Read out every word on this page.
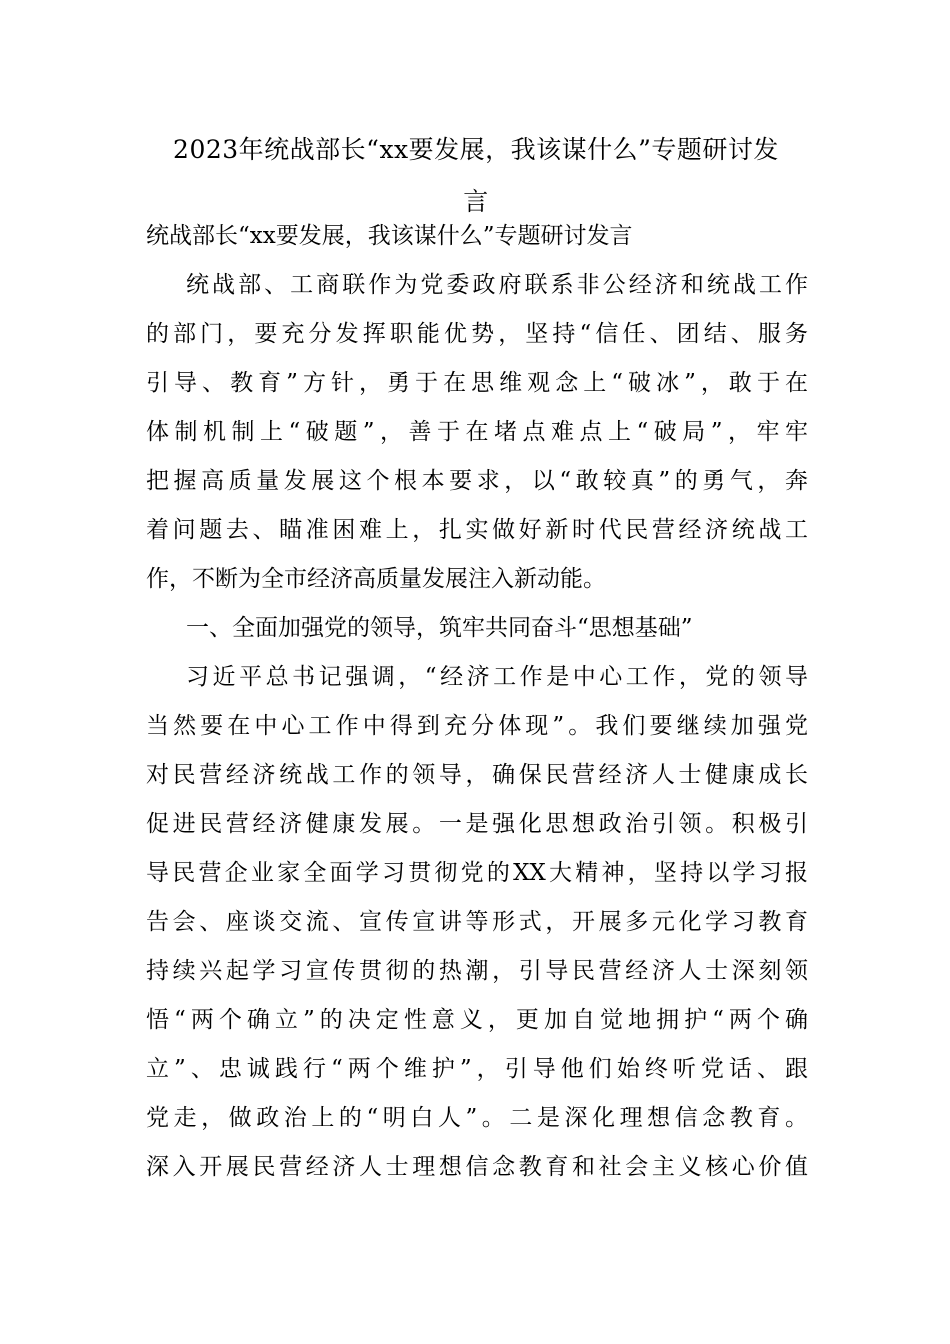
2023年统战部长“xx要发展，我该谋什么”专题研讨发
言
统战部长“xx要发展，我该谋什么”专题研讨发言
统战部、工商联作为党委政府联系非公经济和统战工作
的部门，要充分发挥职能优势，坚持“信任、团结、服务
引导、教育”方针，勇于在思维观念上“破冰”，敢于在
体制机制上“破题”，善于在堵点难点上“破局”，牢牢
把握高质量发展这个根本要求，以“敢较真”的勇气，奔
着问题去、瞄准困难上，扎实做好新时代民营经济统战工
作，不断为全市经济高质量发展注入新动能。
一、全面加强党的领导，筑牢共同奋斗“思想基础”
习近平总书记强调，“经济工作是中心工作，党的领导
当然要在中心工作中得到充分体现”。我们要继续加强党
对民营经济统战工作的领导，确保民营经济人士健康成长
促进民营经济健康发展。一是强化思想政治引领。积极引
导民营企业家全面学习贯彻党的XX大精神，坚持以学习报
告会、座谈交流、宣传宣讲等形式，开展多元化学习教育
持续兴起学习宣传贯彻的热潮，引导民营经济人士深刻领
悟“两个确立”的决定性意义，更加自觉地拥护“两个确
立”、忠诚践行“两个维护”，引导他们始终听党话、跟
党走，做政治上的“明白人”。二是深化理想信念教育。
深入开展民营经济人士理想信念教育和社会主义核心价值
